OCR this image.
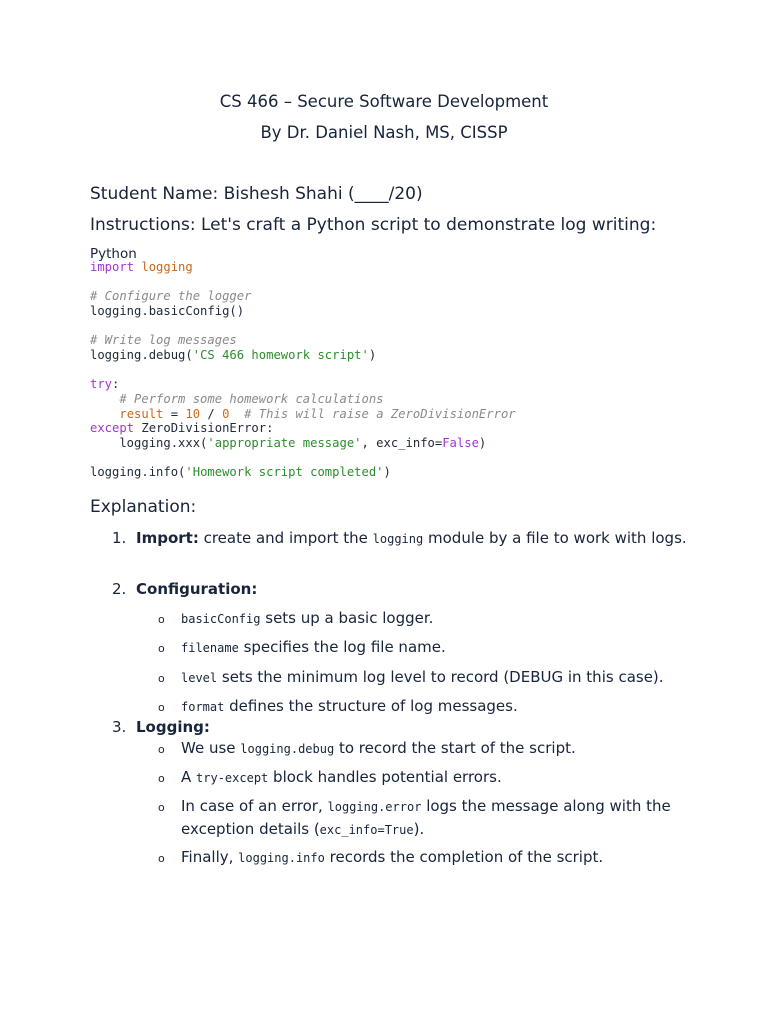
CS 466 – Secure Software Development
By Dr. Daniel Nash, MS, CISSP
Student Name: Bishesh Shahi (____/20)
Instructions: Let's craft a Python script to demonstrate log writing:
Python
import logging

# Configure the logger
logging.basicConfig()

# Write log messages
logging.debug('CS 466 homework script')

try:
# Perform some homework calculations
result = 10 / 0  # This will raise a ZeroDivisionError
except ZeroDivisionError:
logging.xxx('appropriate message', exc_info=False)

logging.info('Homework script completed')
Explanation:
1. Import: create and import the logging module by a file to work with logs.
2. Configuration:
o basicConfig sets up a basic logger.
o filename specifies the log file name.
o level sets the minimum log level to record (DEBUG in this case).
o format defines the structure of log messages.
3. Logging:
o We use logging.debug to record the start of the script.
o A try-except block handles potential errors.
o In case of an error, logging.error logs the message along with the exception details (exc_info=True).
o Finally, logging.info records the completion of the script.
